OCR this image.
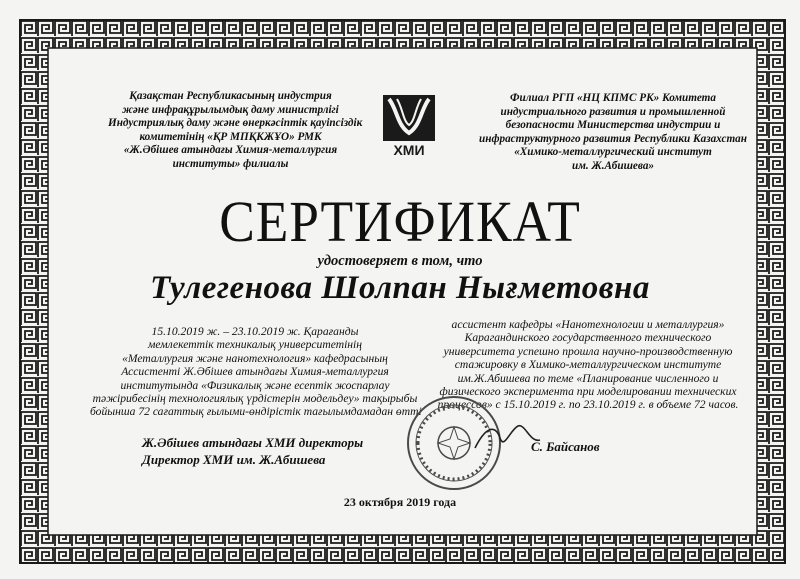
Қазақстан Республикасының индустрия
және инфрақұрылымдық даму министрлігі
Индустриялық даму және өнеркәсіптік қауіпсіздік
комитетінің «ҚР МПҚКЖҰО» РМК
«Ж.Әбішев атындағы Химия-металлургия
институты» филиалы
ХМИ
Филиал РГП «НЦ КПМС РК» Комитета
индустриального развития и промышленной
безопасности Министерства индустрии и
инфраструктурного развития Республики Казахстан
«Химико-металлургический институт
им. Ж.Абишева»
СЕРТИФИКАТ
удостоверяет в том, что
Тулегенова Шолпан Нығметовна
15.10.2019 ж. – 23.10.2019 ж. Қарағанды
мемлекеттік техникалық университетінің
«Металлургия және нанотехнология» кафедрасының
Ассистенті Ж.Әбішев атындағы Химия-металлургия
институтында «Физикалық және есептік жоспарлау
тәжірибесінің технологиялық үрдістерін модельдеу» тақырыбы
бойынша 72 сағаттық ғылыми-өндірістік тағылымдамадан өтті
ассистент кафедры «Нанотехнологии и металлургия»
Карагандинского государственного технического
университета успешно прошла научно-производственную
стажировку в Химико-металлургическом институте
им.Ж.Абишева по теме «Планирование численного и
физического эксперимента при моделировании технических
процессов» с 15.10.2019 г. по 23.10.2019 г. в объеме 72 часов.
Ж.Әбішев атындағы ХМИ директоры
Директор ХМИ им. Ж.Абишева
С. Байсанов
23 октября 2019 года
